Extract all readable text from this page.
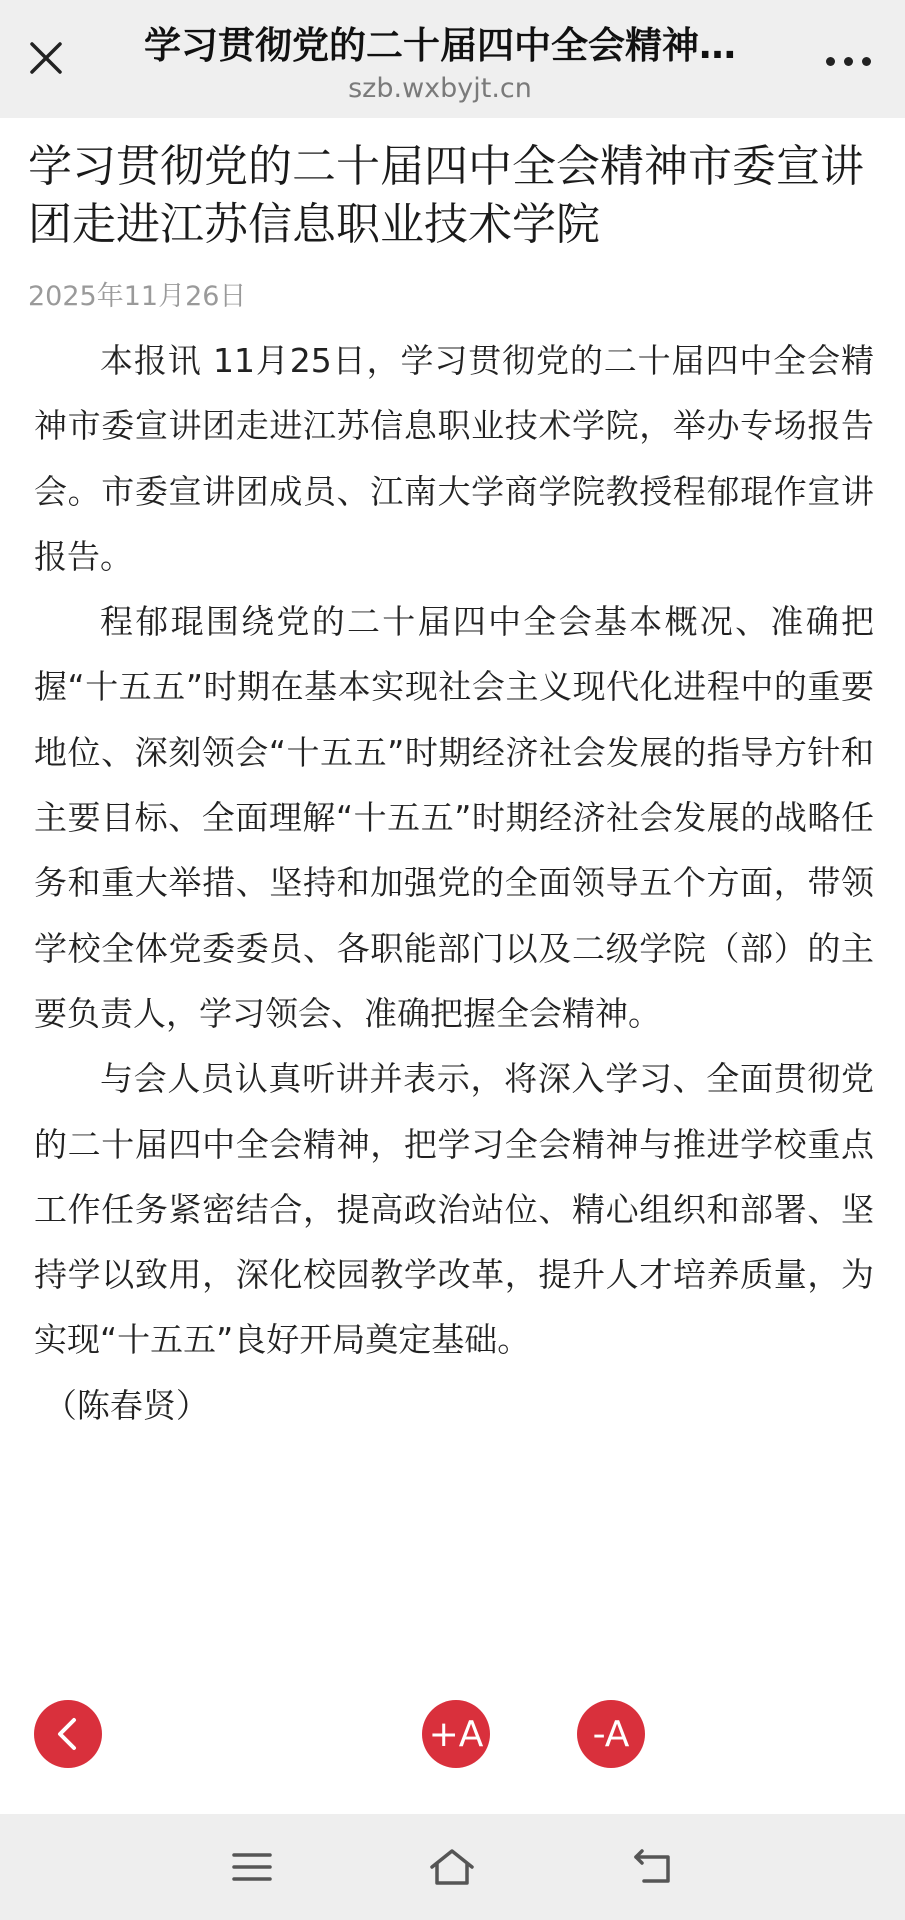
学习贯彻党的二十届四中全会精神…
szb.wxbyjt.cn
学习贯彻党的二十届四中全会精神市委宣讲团走进江苏信息职业技术学院
2025年11月26日

本报讯 11月25日，学习贯彻党的二十届四中全会精神市委宣讲团走进江苏信息职业技术学院，举办专场报告会。市委宣讲团成员、江南大学商学院教授程郁琨作宣讲报告。

程郁琨围绕党的二十届四中全会基本概况、准确把握“十五五”时期在基本实现社会主义现代化进程中的重要地位、深刻领会“十五五”时期经济社会发展的指导方针和主要目标、全面理解“十五五”时期经济社会发展的战略任务和重大举措、坚持和加强党的全面领导五个方面，带领学校全体党委委员、各职能部门以及二级学院（部）的主要负责人，学习领会、准确把握全会精神。

与会人员认真听讲并表示，将深入学习、全面贯彻党的二十届四中全会精神，把学习全会精神与推进学校重点工作任务紧密结合，提高政治站位、精心组织和部署、坚持学以致用，深化校园教学改革，提升人才培养质量，为实现“十五五”良好开局奠定基础。

（陈春贤）

+A	-A
